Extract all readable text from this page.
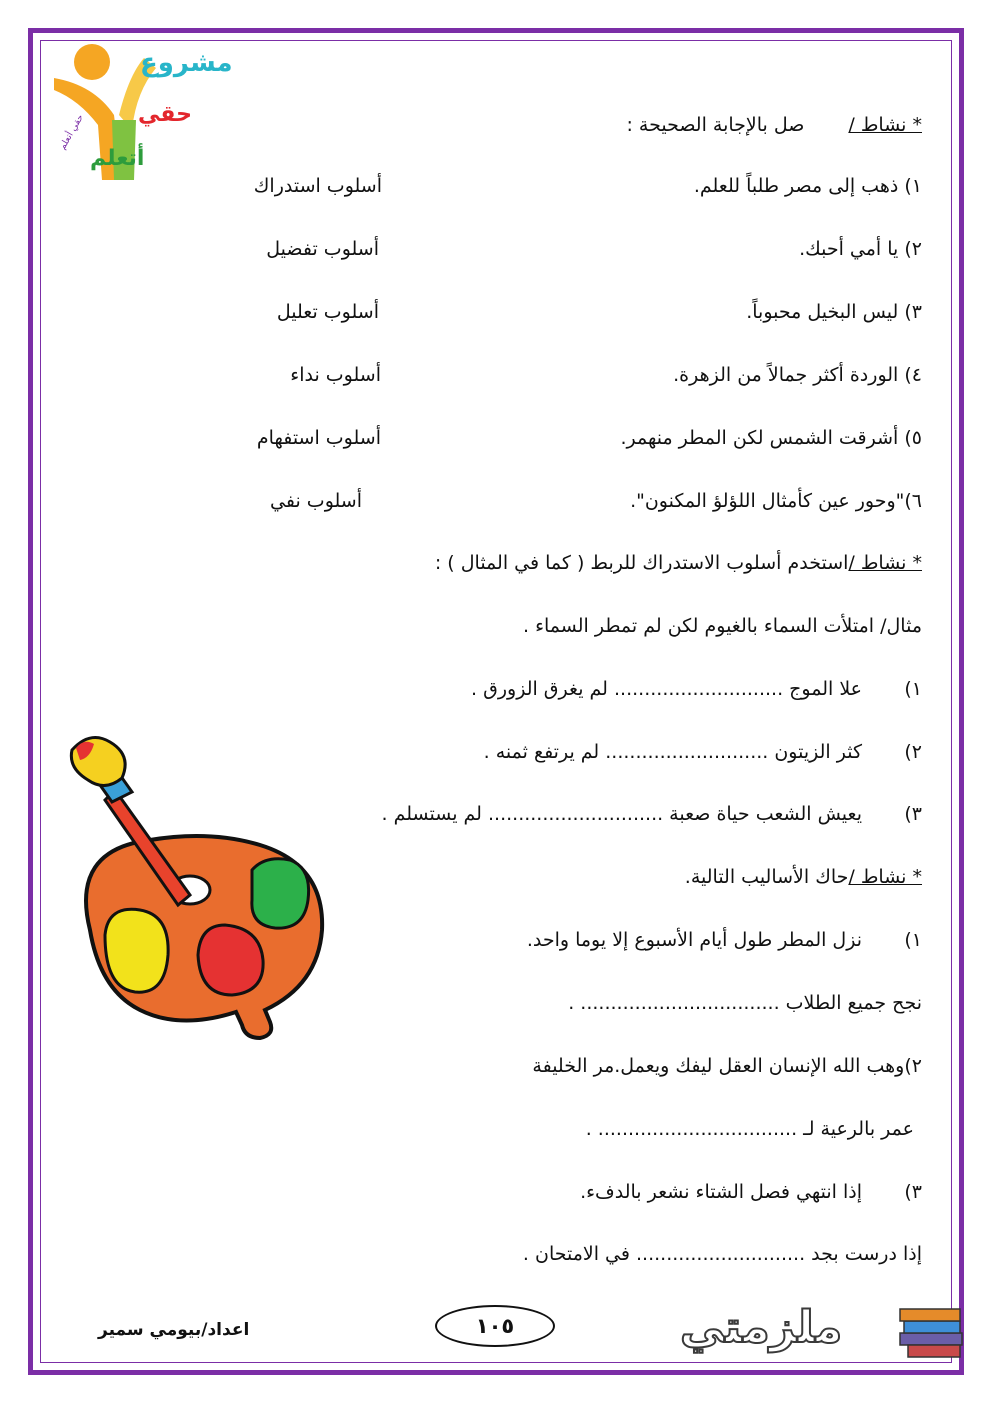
حقي أتعلم
مشروع
حقي
أتعلم
* نشاط /صل بالإجابة الصحيحة :
١) ذهب إلى مصر طلباً للعلم.
أسلوب استدراك
٢) يا أمي أحبك.
أسلوب تفضيل
٣) ليس البخيل محبوباً.
أسلوب تعليل
٤) الوردة أكثر جمالاً من الزهرة.
أسلوب نداء
٥) أشرقت الشمس لكن المطر منهمر.
أسلوب استفهام
٦)"وحور عين كأمثال اللؤلؤ المكنون".
أسلوب نفي
* نشاط /استخدم أسلوب الاستدراك للربط ( كما في المثال ) :
مثال/ امتلأت السماء بالغيوم لكن لم تمطر السماء .
١)
علا الموج ............................ لم يغرق الزورق .
٢)
كثر الزيتون ........................... لم يرتفع ثمنه .
٣)
يعيش الشعب حياة صعبة ............................. لم يستسلم .
* نشاط /حاك الأساليب التالية.
١)
نزل المطر طول أيام الأسبوع إلا يوما واحد.
نجح جميع الطلاب ................................. .
٢)وهب الله الإنسان العقل ليفك ويعمل.مر الخليفة
عمر بالرعية لـ ................................. .
٣)
إذا انتهي فصل الشتاء نشعر بالدفء.
إذا درست بجد ............................ في الامتحان .
اعداد/بيومي سمير	١٠٥	ملزمتي
